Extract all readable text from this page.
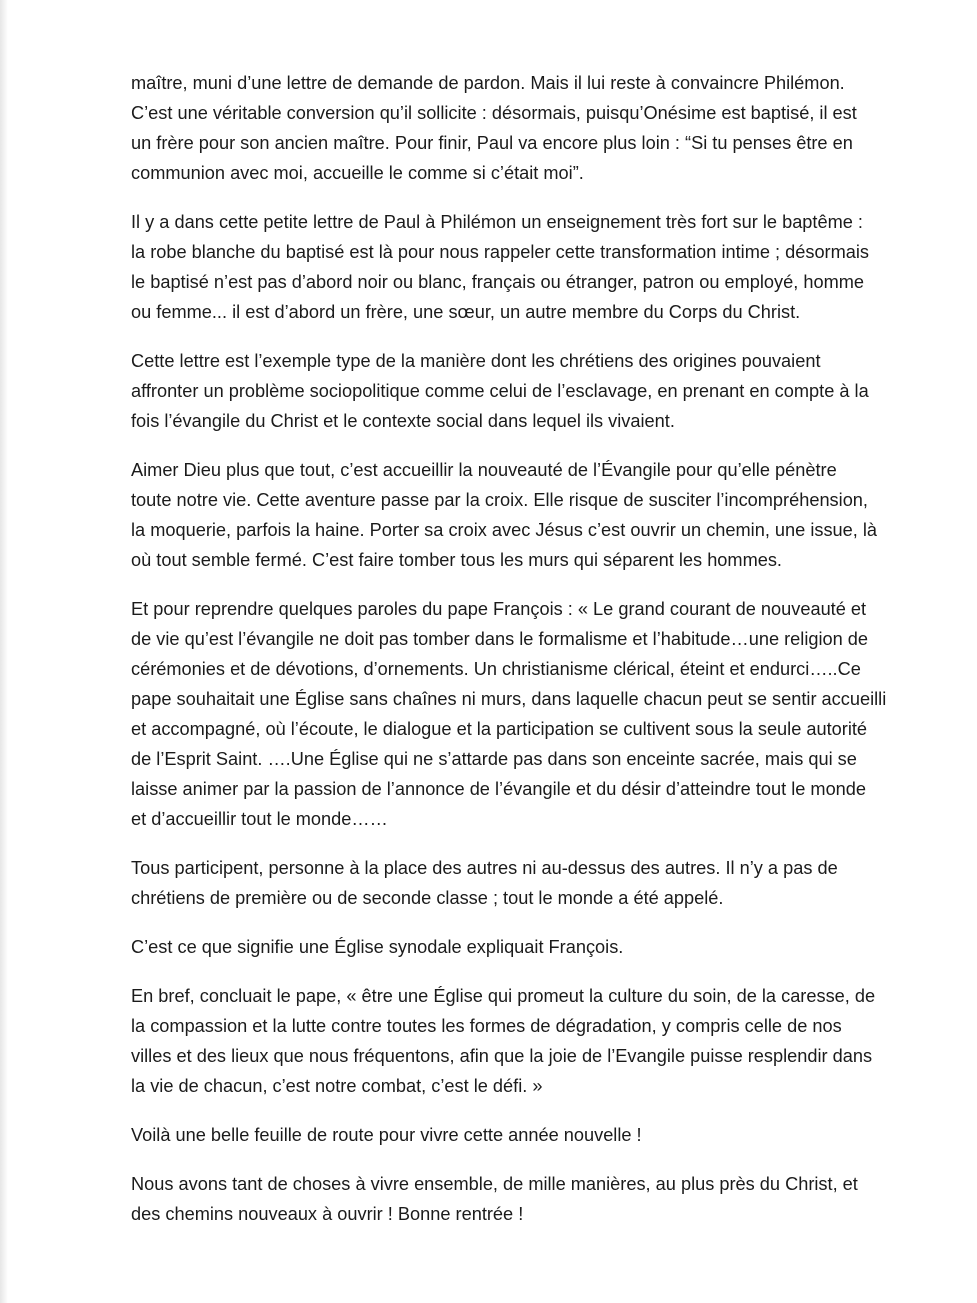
maître, muni d’une lettre de demande de pardon. Mais il lui reste à convaincre Philémon.
C’est une véritable conversion qu’il sollicite : désormais, puisqu’Onésime est baptisé, il est
un frère pour son ancien maître. Pour finir, Paul va encore plus loin : “Si tu penses être en
communion avec moi, accueille le comme si c’était moi”.

Il y a dans cette petite lettre de Paul à Philémon un enseignement très fort sur le baptême :
la robe blanche du baptisé est là pour nous rappeler cette transformation intime ; désormais
le baptisé n’est pas d’abord noir ou blanc, français ou étranger, patron ou employé, homme
ou femme... il est d’abord un frère, une sœur, un autre membre du Corps du Christ.

Cette lettre est l’exemple type de la manière dont les chrétiens des origines pouvaient
affronter un problème sociopolitique comme celui de l’esclavage, en prenant en compte à la
fois l’évangile du Christ et le contexte social dans lequel ils vivaient.

Aimer Dieu plus que tout, c’est accueillir la nouveauté de l’Évangile pour qu’elle pénètre
toute notre vie. Cette aventure passe par la croix. Elle risque de susciter l’incompréhension,
la moquerie, parfois la haine. Porter sa croix avec Jésus c’est ouvrir un chemin, une issue, là
où tout semble fermé. C’est faire tomber tous les murs qui séparent les hommes.

Et pour reprendre quelques paroles du pape François : « Le grand courant de nouveauté et
de vie qu’est l’évangile ne doit pas tomber dans le formalisme et l’habitude…une religion de
cérémonies et de dévotions, d’ornements. Un christianisme clérical, éteint et endurci…..Ce
pape souhaitait une Église sans chaînes ni murs, dans laquelle chacun peut se sentir accueilli
et accompagné, où l’écoute, le dialogue et la participation se cultivent sous la seule autorité
de l’Esprit Saint. ….Une Église qui ne s’attarde pas dans son enceinte sacrée, mais qui se
laisse animer par la passion de l’annonce de l’évangile et du désir d’atteindre tout le monde
et d’accueillir tout le monde……

Tous participent, personne à la place des autres ni au-dessus des autres. Il n’y a pas de
chrétiens de première ou de seconde classe ; tout le monde a été appelé.

C’est ce que signifie une Église synodale expliquait François.

En bref, concluait le pape, « être une Église qui promeut la culture du soin, de la caresse, de
la compassion et la lutte contre toutes les formes de dégradation, y compris celle de nos
villes et des lieux que nous fréquentons, afin que la joie de l’Evangile puisse resplendir dans
la vie de chacun, c’est notre combat, c’est le défi. »

Voilà une belle feuille de route pour vivre cette année nouvelle !

Nous avons tant de choses à vivre ensemble, de mille manières, au plus près du Christ, et
des chemins nouveaux à ouvrir ! Bonne rentrée !
